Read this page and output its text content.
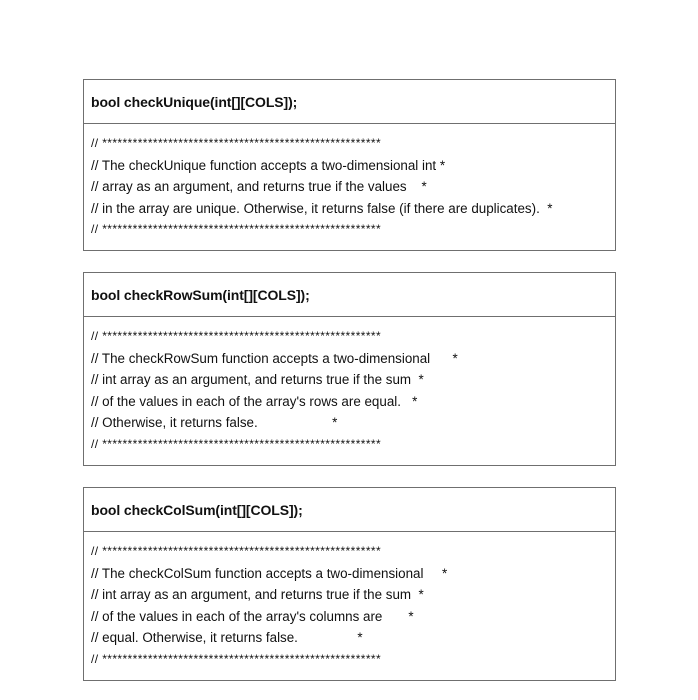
bool checkUnique(int[][COLS]);
// *******************************************************
// The checkUnique function accepts a two-dimensional int *
// array as an argument, and returns true if the values    *
// in the array are unique. Otherwise, it returns false (if there are duplicates).  *
// *******************************************************
bool checkRowSum(int[][COLS]);
// *******************************************************
// The checkRowSum function accepts a two-dimensional      *
// int array as an argument, and returns true if the sum  *
// of the values in each of the array's rows are equal.   *
// Otherwise, it returns false.                    *
// *******************************************************
bool checkColSum(int[][COLS]);
// *******************************************************
// The checkColSum function accepts a two-dimensional     *
// int array as an argument, and returns true if the sum  *
// of the values in each of the array's columns are       *
// equal. Otherwise, it returns false.                *
// *******************************************************
